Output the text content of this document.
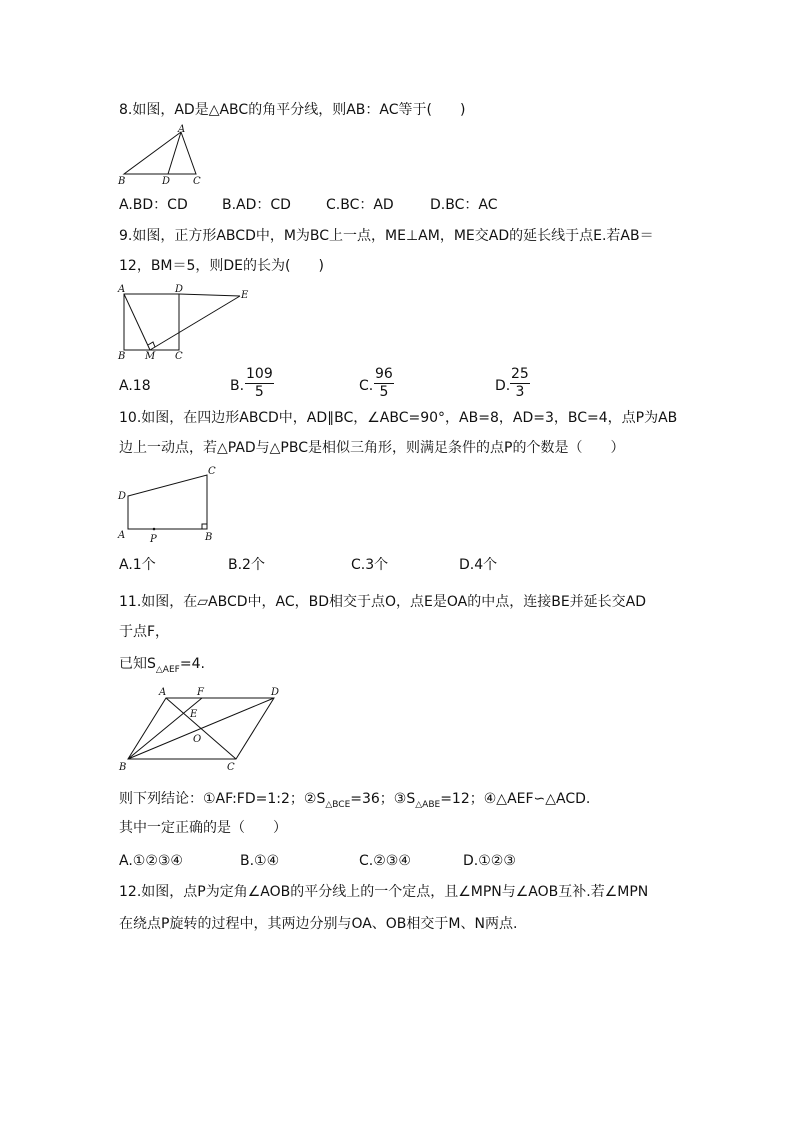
8.如图，AD是△ABC的角平分线，则AB：AC等于(　　)
A
B	D C
A.BD：CD B.AD：CD	C.BC：AD	D.BC：AC
9.如图，正方形ABCD中，M为BC上一点，ME⊥AM，ME交AD的延长线于点E.若AB＝
12，BM＝5，则DE的长为(　　)
A	D
E
B M C
A.18	B. $\frac{109}{5}$	C. $\frac{96}{5}$	D. $\frac{25}{3}$
10.如图，在四边形ABCD中，AD∥BC，∠ABC=90°，AB=8，AD=3，BC=4，点P为AB
边上一动点，若△PAD与△PBC是相似三角形，则满足条件的点P的个数是（　　）
C
D
A P	B
A.1个	B.2个	C.3个	D.4个
11.如图，在▱ABCD中，AC，BD相交于点O，点E是OA的中点，连接BE并延长交AD
于点F，
已知$S_{\triangle AEF}=4$.
A	F	D
E
O
B	C
则下列结论：①AF:FD=1:2；$②S_{\triangle BCE}=36$；$③S_{\triangle ABE}=12$；④△AEF∽△ACD.
其中一定正确的是（　　）
A.①②③④	B.①④	C.②③④	D.①②③
12.如图，点P为定角∠AOB的平分线上的一个定点，且∠MPN与∠AOB互补.若∠MPN
在绕点P旋转的过程中，其两边分别与OA、OB相交于M、N两点.
